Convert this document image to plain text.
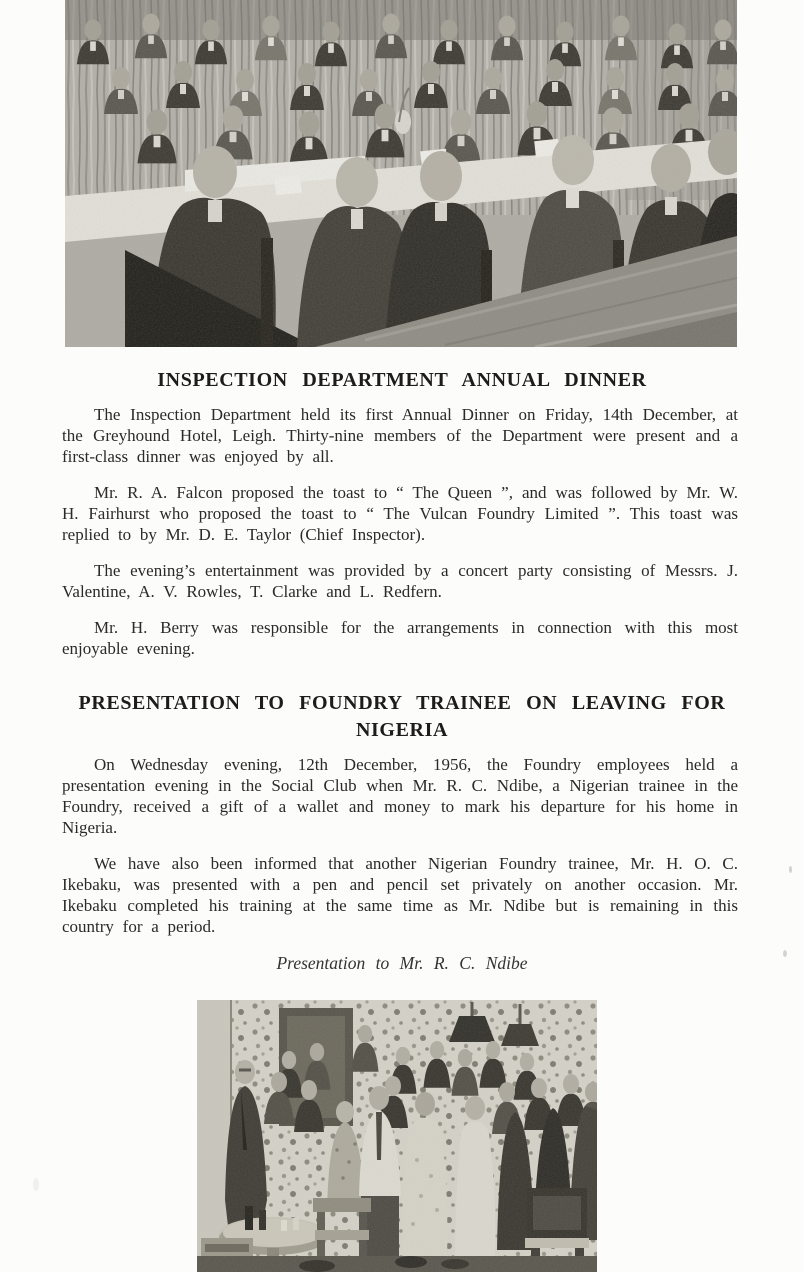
INSPECTION DEPARTMENT ANNUAL DINNER

The Inspection Department held its first Annual Dinner on Friday, 14th December, at the Greyhound Hotel, Leigh. Thirty-nine members of the Department were present and a first-class dinner was enjoyed by all.

Mr. R. A. Falcon proposed the toast to “ The Queen ”, and was followed by Mr. W. H. Fairhurst who proposed the toast to “ The Vulcan Foundry Limited ”. This toast was replied to by Mr. D. E. Taylor (Chief Inspector).

The evening’s entertainment was provided by a concert party consisting of Messrs. J. Valentine, A. V. Rowles, T. Clarke and L. Redfern.

Mr. H. Berry was responsible for the arrangements in connection with this most enjoyable evening.

PRESENTATION TO FOUNDRY TRAINEE ON LEAVING FOR NIGERIA

On Wednesday evening, 12th December, 1956, the Foundry employees held a presentation evening in the Social Club when Mr. R. C. Ndibe, a Nigerian trainee in the Foundry, received a gift of a wallet and money to mark his departure for his home in Nigeria.

We have also been informed that another Nigerian Foundry trainee, Mr. H. O. C. Ikebaku, was presented with a pen and pencil set privately on another occasion. Mr. Ikebaku completed his training at the same time as Mr. Ndibe but is remaining in this country for a period.

Presentation to Mr. R. C. Ndibe
